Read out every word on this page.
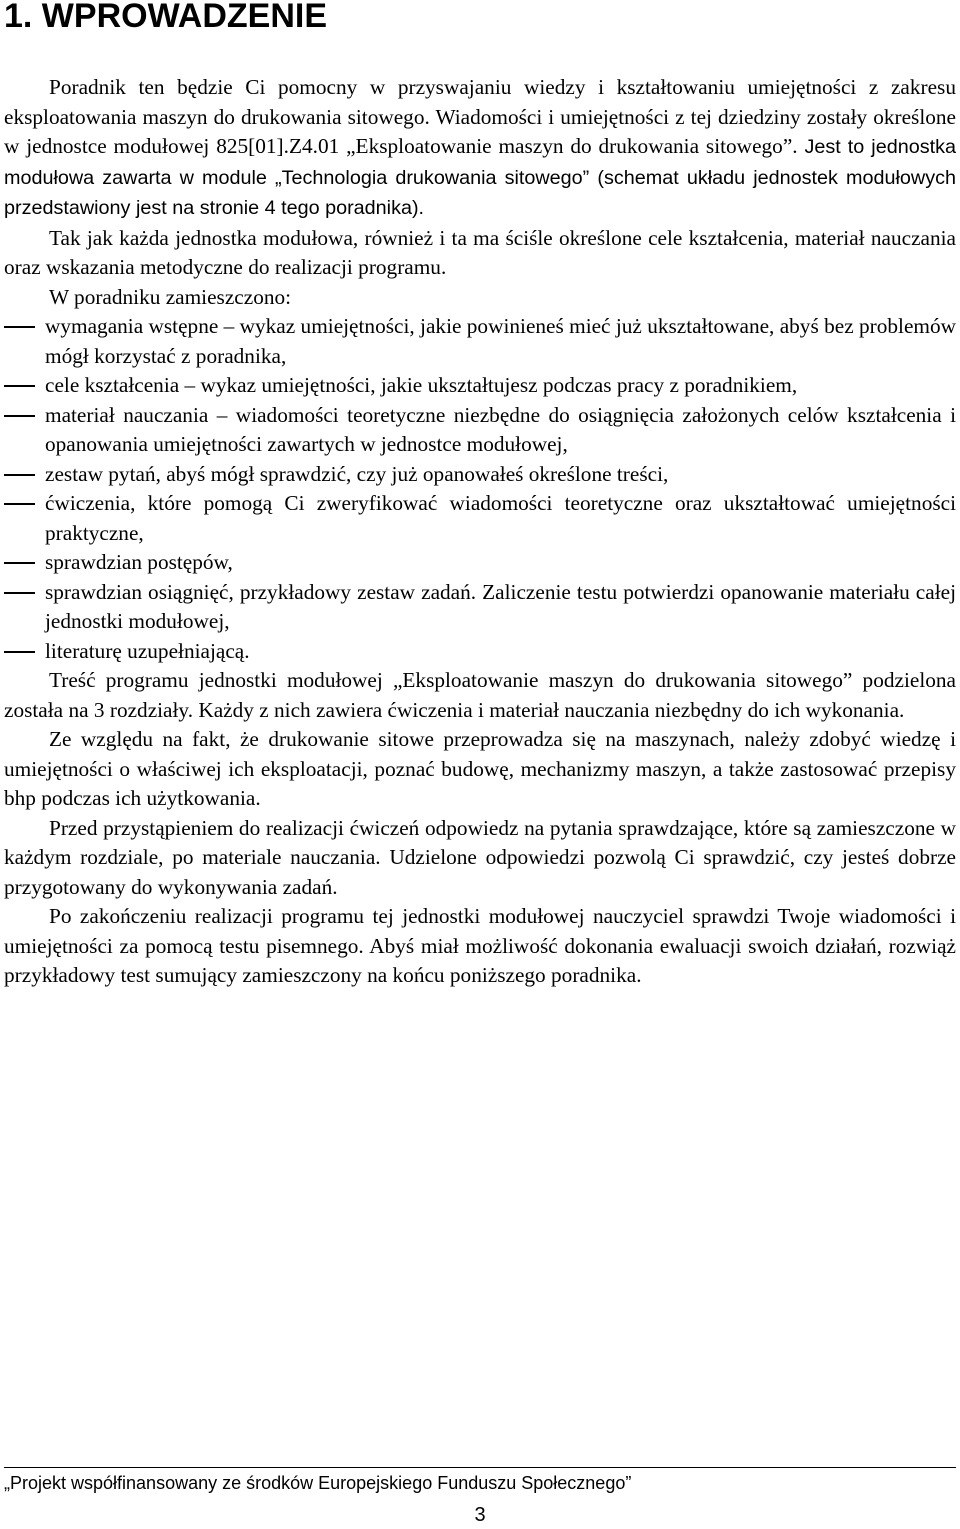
1. WPROWADZENIE

Poradnik ten będzie Ci pomocny w przyswajaniu wiedzy i kształtowaniu umiejętności z zakresu eksploatowania maszyn do drukowania sitowego. Wiadomości i umiejętności z tej dziedziny zostały określone w jednostce modułowej 825[01].Z4.01 „Eksploatowanie maszyn do drukowania sitowego”. Jest to jednostka modułowa zawarta w module „Technologia drukowania sitowego” (schemat układu jednostek modułowych przedstawiony jest na stronie 4 tego poradnika).

Tak jak każda jednostka modułowa, również i ta ma ściśle określone cele kształcenia, materiał nauczania oraz wskazania metodyczne do realizacji programu.

W poradniku zamieszczono:

wymagania wstępne – wykaz umiejętności, jakie powinieneś mieć już ukształtowane, abyś bez problemów mógł korzystać z poradnika,
cele kształcenia – wykaz umiejętności, jakie ukształtujesz podczas pracy z poradnikiem,
materiał nauczania – wiadomości teoretyczne niezbędne do osiągnięcia założonych celów kształcenia i opanowania umiejętności zawartych w jednostce modułowej,
zestaw pytań, abyś mógł sprawdzić, czy już opanowałeś określone treści,
ćwiczenia, które pomogą Ci zweryfikować wiadomości teoretyczne oraz ukształtować umiejętności praktyczne,
sprawdzian postępów,
sprawdzian osiągnięć, przykładowy zestaw zadań. Zaliczenie testu potwierdzi opanowanie materiału całej jednostki modułowej,
literaturę uzupełniającą.

Treść programu jednostki modułowej „Eksploatowanie maszyn do drukowania sitowego” podzielona została na 3 rozdziały. Każdy z nich zawiera ćwiczenia i materiał nauczania niezbędny do ich wykonania.

Ze względu na fakt, że drukowanie sitowe przeprowadza się na maszynach, należy zdobyć wiedzę i umiejętności o właściwej ich eksploatacji, poznać budowę, mechanizmy maszyn, a także zastosować przepisy bhp podczas ich użytkowania.

Przed przystąpieniem do realizacji ćwiczeń odpowiedz na pytania sprawdzające, które są zamieszczone w każdym rozdziale, po materiale nauczania. Udzielone odpowiedzi pozwolą Ci sprawdzić, czy jesteś dobrze przygotowany do wykonywania zadań.

Po zakończeniu realizacji programu tej jednostki modułowej nauczyciel sprawdzi Twoje wiadomości i umiejętności za pomocą testu pisemnego. Abyś miał możliwość dokonania ewaluacji swoich działań, rozwiąż przykładowy test sumujący zamieszczony na końcu poniższego poradnika.

„Projekt współfinansowany ze środków Europejskiego Funduszu Społecznego”
3
